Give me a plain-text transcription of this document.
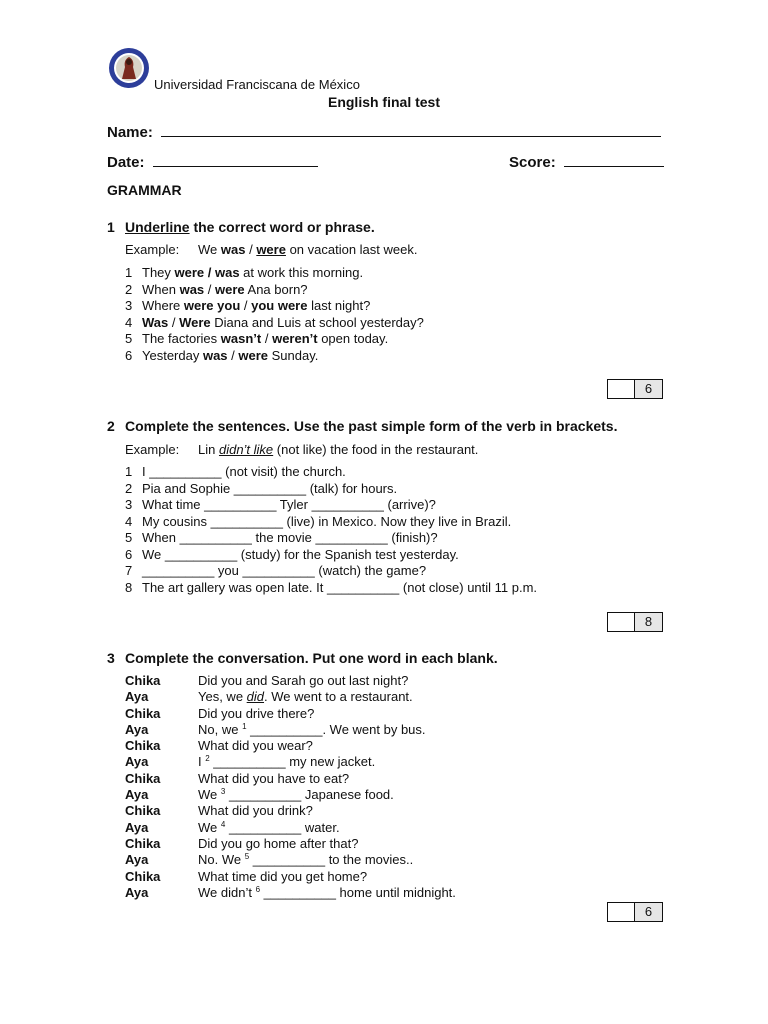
Universidad Franciscana de México
English final test
Name:
Date:	Score:
GRAMMAR
1 Underline the correct word or phrase.
Example: We was / were on vacation last week.
1 They were / was at work this morning.
2 When was / were Ana born?
3 Where were you / you were last night?
4 Was / Were Diana and Luis at school yesterday?
5 The factories wasn’t / weren’t open today.
6 Yesterday was / were Sunday.
6
2 Complete the sentences. Use the past simple form of the verb in brackets.
Example: Lin didn’t like (not like) the food in the restaurant.
1 I __________ (not visit) the church.
2 Pia and Sophie __________ (talk) for hours.
3 What time __________ Tyler __________ (arrive)?
4 My cousins __________ (live) in Mexico. Now they live in Brazil.
5 When __________ the movie __________ (finish)?
6 We __________ (study) for the Spanish test yesterday.
7 __________ you __________ (watch) the game?
8 The art gallery was open late. It __________ (not close) until 11 p.m.
8
3 Complete the conversation. Put one word in each blank.
Chika	Did you and Sarah go out last night?
Aya	Yes, we did. We went to a restaurant.
Chika	Did you drive there?
Aya	No, we $^1$ __________. We went by bus.
Chika	What did you wear?
Aya	I $^2$ __________ my new jacket.
Chika	What did you have to eat?
Aya	We $^3$ __________ Japanese food.
Chika	What did you drink?
Aya	We $^4$ __________ water.
Chika	Did you go home after that?
Aya	No. We $^5$ __________ to the movies..
Chika	What time did you get home?
Aya	We didn’t $^6$ __________ home until midnight.
6
